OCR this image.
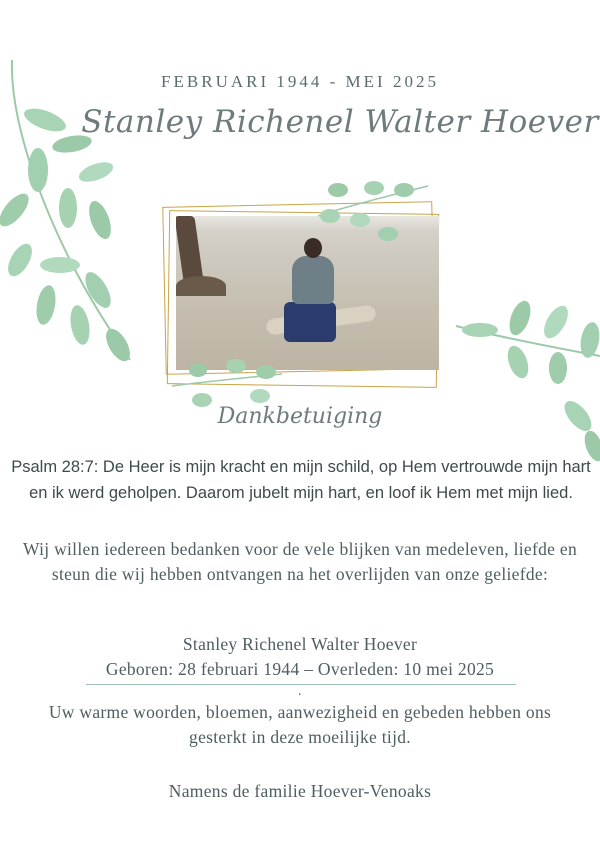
FEBRUARI 1944 - MEI 2025
Stanley Richenel Walter Hoever
Dankbetuiging
Psalm 28:7: De Heer is mijn kracht en mijn schild, op Hem vertrouwde mijn hart en ik werd geholpen. Daarom jubelt mijn hart, en loof ik Hem met mijn lied.
Wij willen iedereen bedanken voor de vele blijken van medeleven, liefde en steun die wij hebben ontvangen na het overlijden van onze geliefde:
Stanley Richenel Walter Hoever
Geboren: 28 februari 1944 – Overleden: 10 mei 2025
.
Uw warme woorden, bloemen, aanwezigheid en gebeden hebben ons gesterkt in deze moeilijke tijd.
Namens de familie Hoever-Venoaks
